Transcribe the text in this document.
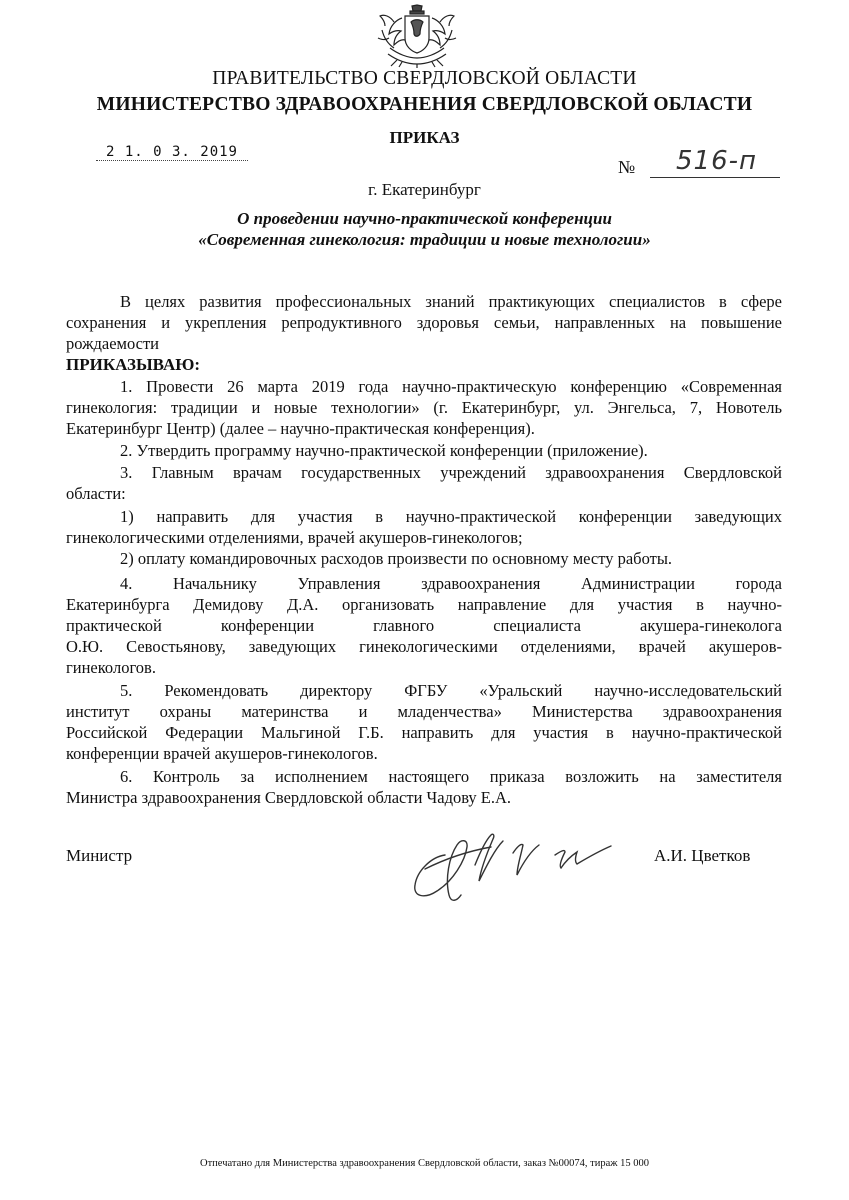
ПРАВИТЕЛЬСТВО СВЕРДЛОВСКОЙ ОБЛАСТИ
МИНИСТЕРСТВО ЗДРАВООХРАНЕНИЯ СВЕРДЛОВСКОЙ ОБЛАСТИ
ПРИКАЗ
2 1. 0 3. 2019
№ 516-п
г. Екатеринбург
О проведении научно-практической конференции
«Современная гинекология: традиции и новые технологии»
В целях развития профессиональных знаний практикующих специалистов в сфере
сохранения и укрепления репродуктивного здоровья семьи, направленных на повышение
рождаемости
ПРИКАЗЫВАЮ:
1. Провести 26 марта 2019 года научно-практическую конференцию «Современная
гинекология: традиции и новые технологии» (г. Екатеринбург, ул. Энгельса, 7, Новотель
Екатеринбург Центр) (далее – научно-практическая конференция).
2. Утвердить программу научно-практической конференции (приложение).
3. Главным врачам государственных учреждений здравоохранения Свердловской
области:
1) направить для участия в научно-практической конференции заведующих
гинекологическими отделениями, врачей акушеров-гинекологов;
2) оплату командировочных расходов произвести по основному месту работы.
4. Начальнику Управления здравоохранения Администрации города
Екатеринбурга Демидову Д.А. организовать направление для участия в научно-
практической конференции главного специалиста акушера-гинеколога
О.Ю. Севостьянову, заведующих гинекологическими отделениями, врачей акушеров-
гинекологов.
5. Рекомендовать директору ФГБУ «Уральский научно-исследовательский
институт охраны материнства и младенчества» Министерства здравоохранения
Российской Федерации Мальгиной Г.Б. направить для участия в научно-практической
конференции врачей акушеров-гинекологов.
6. Контроль за исполнением настоящего приказа возложить на заместителя
Министра здравоохранения Свердловской области Чадову Е.А.
Министр	А.И. Цветков
Отпечатано для Министерства здравоохранения Свердловской области, заказ №00074, тираж 15 000
